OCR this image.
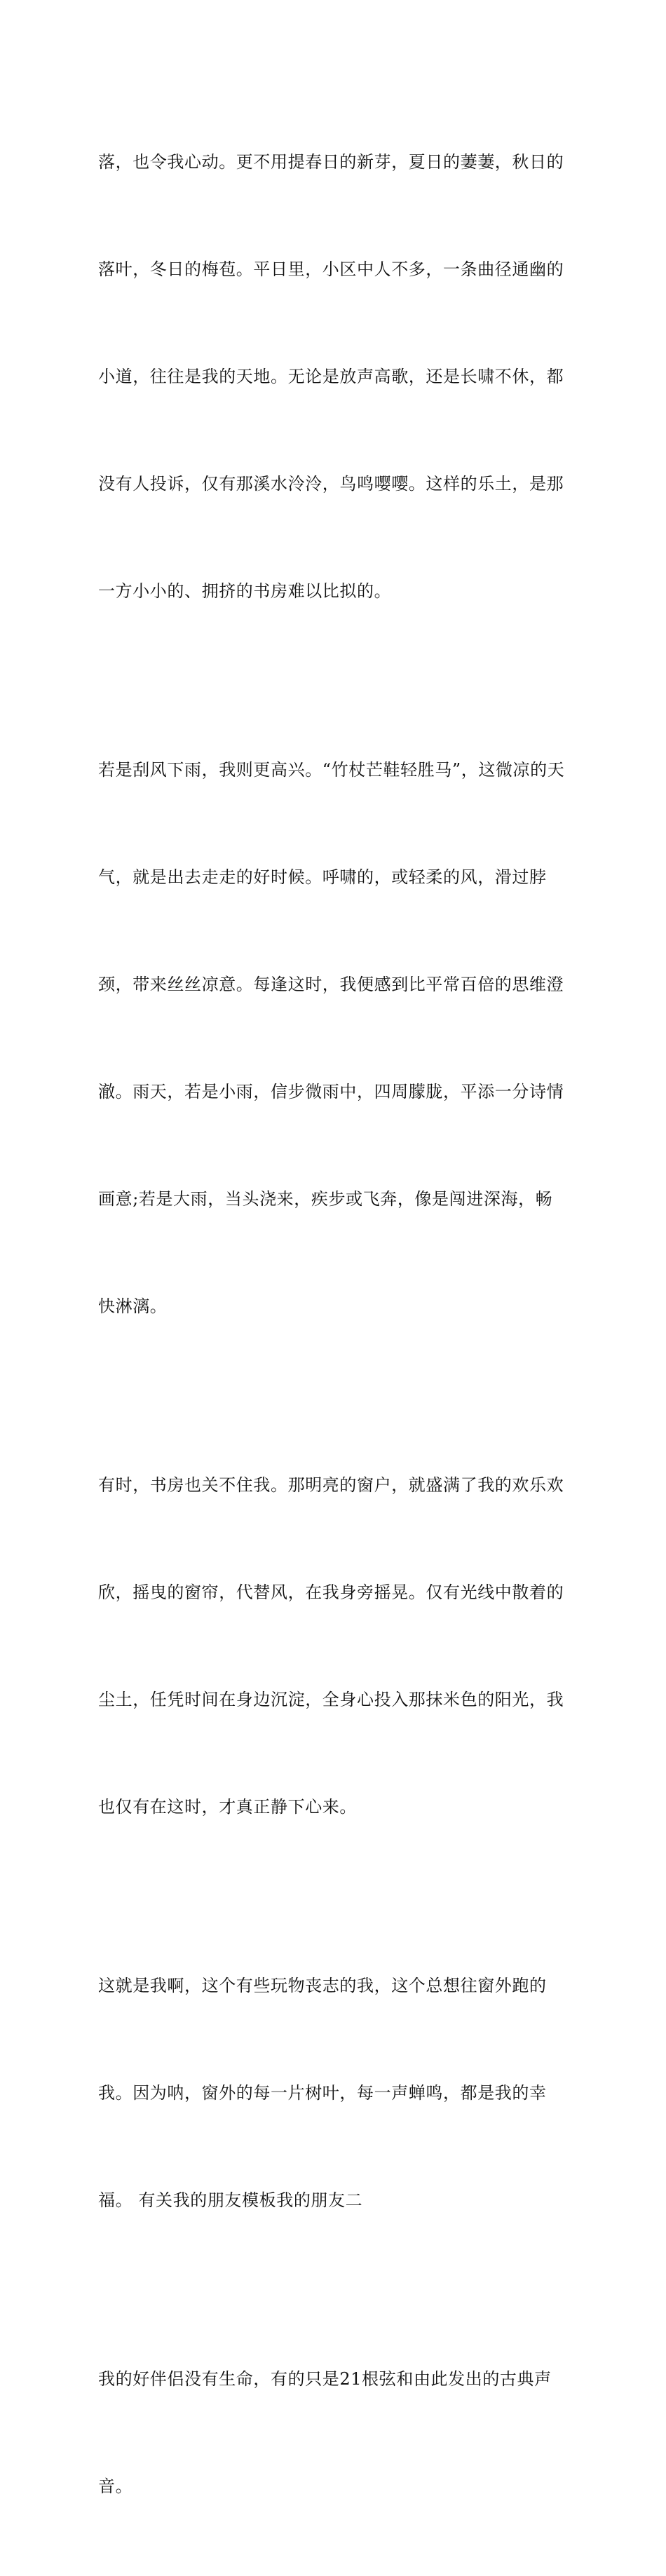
落，也令我心动。更不用提春日的新芽，夏日的萋萋，秋日的

落叶，冬日的梅苞。平日里，小区中人不多，一条曲径通幽的

小道，往往是我的天地。无论是放声高歌，还是长啸不休，都

没有人投诉，仅有那溪水泠泠，鸟鸣嘤嘤。这样的乐土，是那

一方小小的、拥挤的书房难以比拟的。

若是刮风下雨，我则更高兴。“竹杖芒鞋轻胜马”，这微凉的天

气，就是出去走走的好时候。呼啸的，或轻柔的风，滑过脖

颈，带来丝丝凉意。每逢这时，我便感到比平常百倍的思维澄

澈。雨天，若是小雨，信步微雨中，四周朦胧，平添一分诗情

画意;若是大雨，当头浇来，疾步或飞奔，像是闯进深海，畅

快淋漓。

有时，书房也关不住我。那明亮的窗户，就盛满了我的欢乐欢

欣，摇曳的窗帘，代替风，在我身旁摇晃。仅有光线中散着的

尘土，任凭时间在身边沉淀，全身心投入那抹米色的阳光，我

也仅有在这时，才真正静下心来。

这就是我啊，这个有些玩物丧志的我，这个总想往窗外跑的

我。因为呐，窗外的每一片树叶，每一声蝉鸣，都是我的幸

福。 有关我的朋友模板我的朋友二

我的好伴侣没有生命，有的只是21根弦和由此发出的古典声

音。
